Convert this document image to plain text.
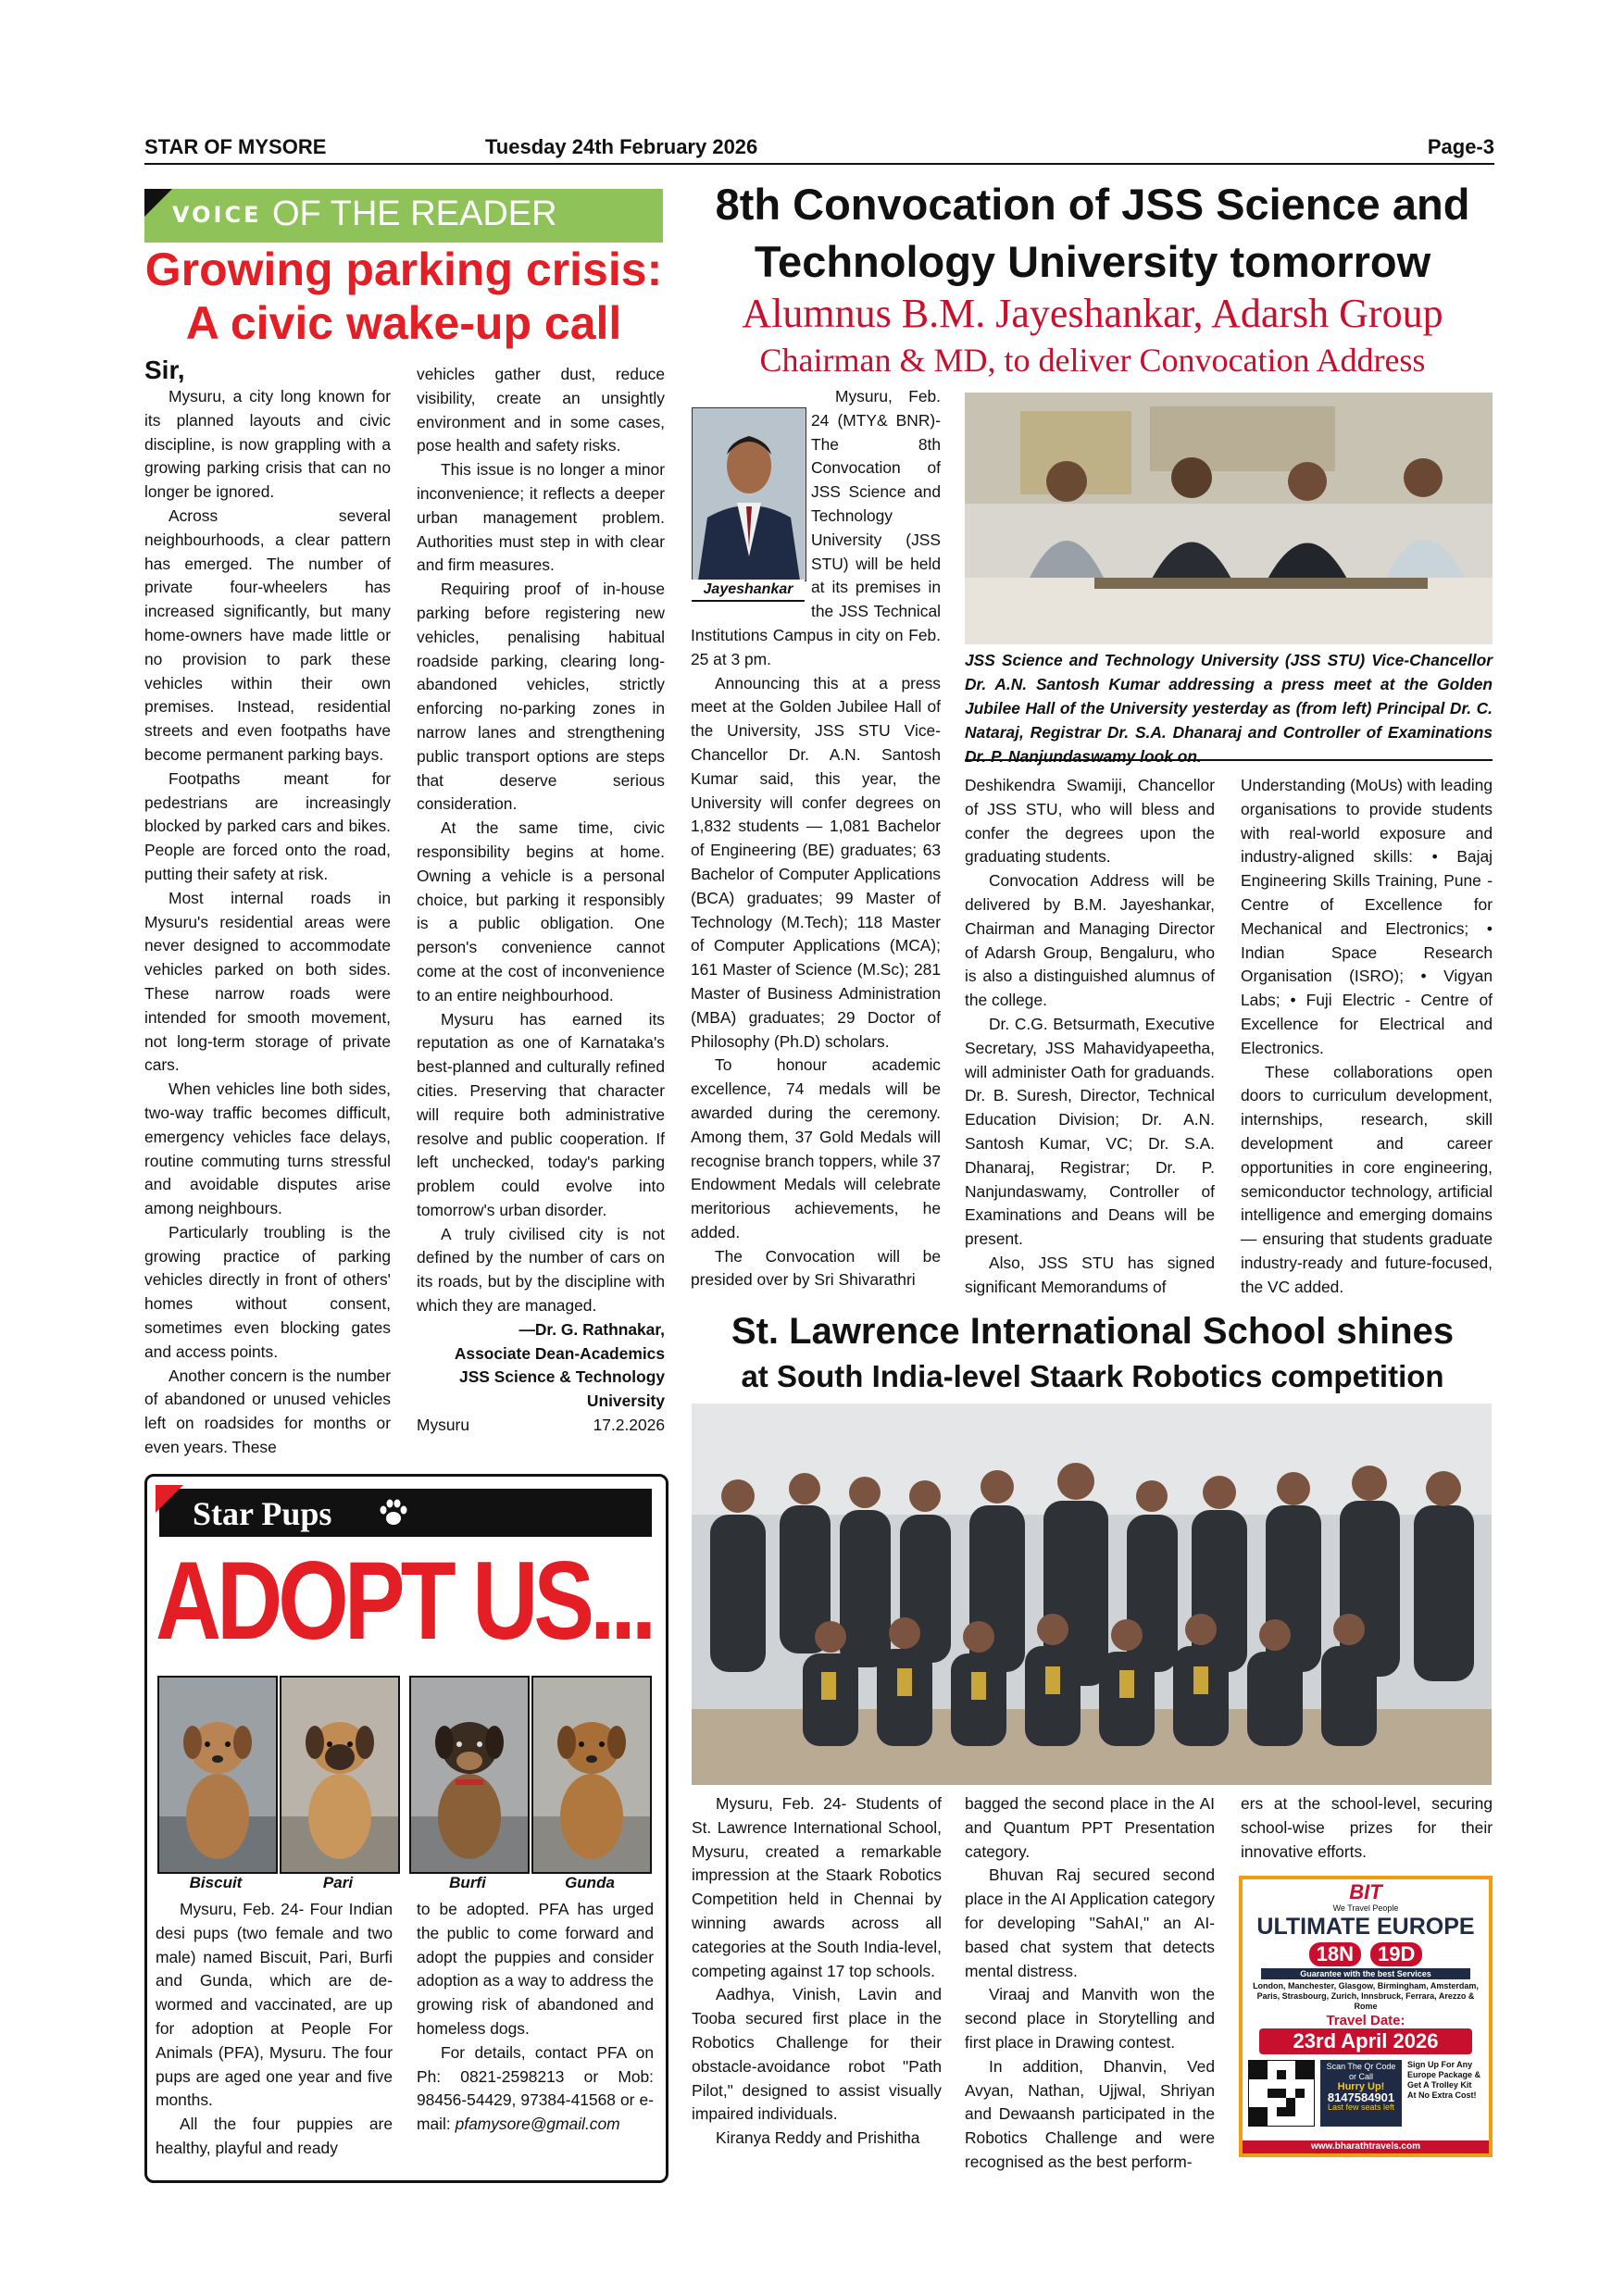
STAR OF MYSORE	Tuesday 24th February 2026	Page-3
VOICE OF THE READER
Growing parking crisis:
A civic wake-up call

Sir,

Mysuru, a city long known for its planned layouts and civic discipline, is now grappling with a growing parking crisis that can no longer be ignored.

Across several neighbourhoods, a clear pattern has emerged. The number of private four-wheelers has increased significantly, but many home-owners have made little or no provision to park these vehicles within their own premises. Instead, residential streets and even footpaths have become permanent parking bays.

Footpaths meant for pedestrians are increasingly blocked by parked cars and bikes. People are forced onto the road, putting their safety at risk.

Most internal roads in Mysuru's residential areas were never designed to accommodate vehicles parked on both sides. These narrow roads were intended for smooth movement, not long-term storage of private cars.

When vehicles line both sides, two-way traffic becomes difficult, emergency vehicles face delays, routine commuting turns stressful and avoidable disputes arise among neighbours.

Particularly troubling is the growing practice of parking vehicles directly in front of others' homes without consent, sometimes even blocking gates and access points.

Another concern is the number of abandoned or unused vehicles left on roadsides for months or even years. These

vehicles gather dust, reduce visibility, create an unsightly environment and in some cases, pose health and safety risks.

This issue is no longer a minor inconvenience; it reflects a deeper urban management problem. Authorities must step in with clear and firm measures.

Requiring proof of in-house parking before registering new vehicles, penalising habitual roadside parking, clearing long-abandoned vehicles, strictly enforcing no-parking zones in narrow lanes and strengthening public transport options are steps that deserve serious consideration.

At the same time, civic responsibility begins at home. Owning a vehicle is a personal choice, but parking it responsibly is a public obligation. One person's convenience cannot come at the cost of inconvenience to an entire neighbourhood.

Mysuru has earned its reputation as one of Karnataka's best-planned and culturally refined cities. Preserving that character will require both administrative resolve and public cooperation. If left unchecked, today's parking problem could evolve into tomorrow's urban disorder.

A truly civilised city is not defined by the number of cars on its roads, but by the discipline with which they are managed.

—Dr. G. Rathnakar,
Associate Dean-Academics
JSS Science & Technology
University
Mysuru	17.2.2026
8th Convocation of JSS Science and
Technology University tomorrow
Alumnus B.M. Jayeshankar, Adarsh Group
Chairman & MD, to deliver Convocation Address
Jayeshankar

Mysuru, Feb. 24 (MTY& BNR)- The 8th Convocation of JSS Science and Technology University (JSS STU) will be held at its premises in the JSS Technical Institutions Campus in city on Feb. 25 at 3 pm.

Announcing this at a press meet at the Golden Jubilee Hall of the University, JSS STU Vice-Chancellor Dr. A.N. Santosh Kumar said, this year, the University will confer degrees on 1,832 students — 1,081 Bachelor of Engineering (BE) graduates; 63 Bachelor of Computer Applications (BCA) graduates; 99 Master of Technology (M.Tech); 118 Master of Computer Applications (MCA); 161 Master of Science (M.Sc); 281 Master of Business Administration (MBA) graduates; 29 Doctor of Philosophy (Ph.D) scholars.

To honour academic excellence, 74 medals will be awarded during the ceremony. Among them, 37 Gold Medals will recognise branch toppers, while 37 Endowment Medals will celebrate meritorious achievements, he added.

The Convocation will be presided over by Sri Shivarathri

JSS Science and Technology University (JSS STU) Vice-Chancellor Dr. A.N. Santosh Kumar addressing a press meet at the Golden Jubilee Hall of the University yesterday as (from left) Principal Dr. C. Nataraj, Registrar Dr. S.A. Dhanaraj and Controller of Examinations Dr. P. Nanjundaswamy look on.

Deshikendra Swamiji, Chancellor of JSS STU, who will bless and confer the degrees upon the graduating students.

Convocation Address will be delivered by B.M. Jayeshankar, Chairman and Managing Director of Adarsh Group, Bengaluru, who is also a distinguished alumnus of the college.

Dr. C.G. Betsurmath, Executive Secretary, JSS Mahavidyapeetha, will administer Oath for graduands. Dr. B. Suresh, Director, Technical Education Division; Dr. A.N. Santosh Kumar, VC; Dr. S.A. Dhanaraj, Registrar; Dr. P. Nanjundaswamy, Controller of Examinations and Deans will be present.

Also, JSS STU has signed significant Memorandums of

Understanding (MoUs) with leading organisations to provide students with real-world exposure and industry-aligned skills: • Bajaj Engineering Skills Training, Pune - Centre of Excellence for Mechanical and Electronics; • Indian Space Research Organisation (ISRO); • Vigyan Labs; • Fuji Electric - Centre of Excellence for Electrical and Electronics.

These collaborations open doors to curriculum development, internships, research, skill development and career opportunities in core engineering, semiconductor technology, artificial intelligence and emerging domains — ensuring that students graduate industry-ready and future-focused, the VC added.

St. Lawrence International School shines
at South India-level Staark Robotics competition

Mysuru, Feb. 24- Students of St. Lawrence International School, Mysuru, created a remarkable impression at the Staark Robotics Competition held in Chennai by winning awards across all categories at the South India-level, competing against 17 top schools.

Aadhya, Vinish, Lavin and Tooba secured first place in the Robotics Challenge for their obstacle-avoidance robot "Path Pilot," designed to assist visually impaired individuals.

Kiranya Reddy and Prishitha

bagged the second place in the AI and Quantum PPT Presentation category.

Bhuvan Raj secured second place in the AI Application category for developing "SahAI," an AI-based chat system that detects mental distress.

Viraaj and Manvith won the second place in Storytelling and first place in Drawing contest.

In addition, Dhanvin, Ved Avyan, Nathan, Ujjwal, Shriyan and Dewaansh participated in the Robotics Challenge and were recognised as the best perform-

ers at the school-level, securing school-wise prizes for their innovative efforts.

BIT
We Travel People
ULTIMATE EUROPE
18N	19D
Guarantee with the best Services
London, Manchester, Glasgow, Birmingham, Amsterdam, Paris, Strasbourg, Zurich, Innsbruck, Ferrara, Arezzo & Rome
Travel Date:
23rd April 2026
Scan The Qr Code or Call
Hurry Up!
8147584901
Last few seats left
Sign Up For Any Europe Package & Get A Trolley Kit At No Extra Cost!
www.bharathtravels.com
Star Pups
ADOPT US...
Biscuit	Pari	Burfi	Gunda

Mysuru, Feb. 24- Four Indian desi pups (two female and two male) named Biscuit, Pari, Burfi and Gunda, which are de-wormed and vaccinated, are up for adoption at People For Animals (PFA), Mysuru. The four pups are aged one year and five months.

All the four puppies are healthy, playful and ready

to be adopted. PFA has urged the public to come forward and adopt the puppies and consider adoption as a way to address the growing risk of abandoned and homeless dogs.

For details, contact PFA on Ph: 0821-2598213 or Mob: 98456-54429, 97384-41568 or e-mail: pfamysore@gmail.com
